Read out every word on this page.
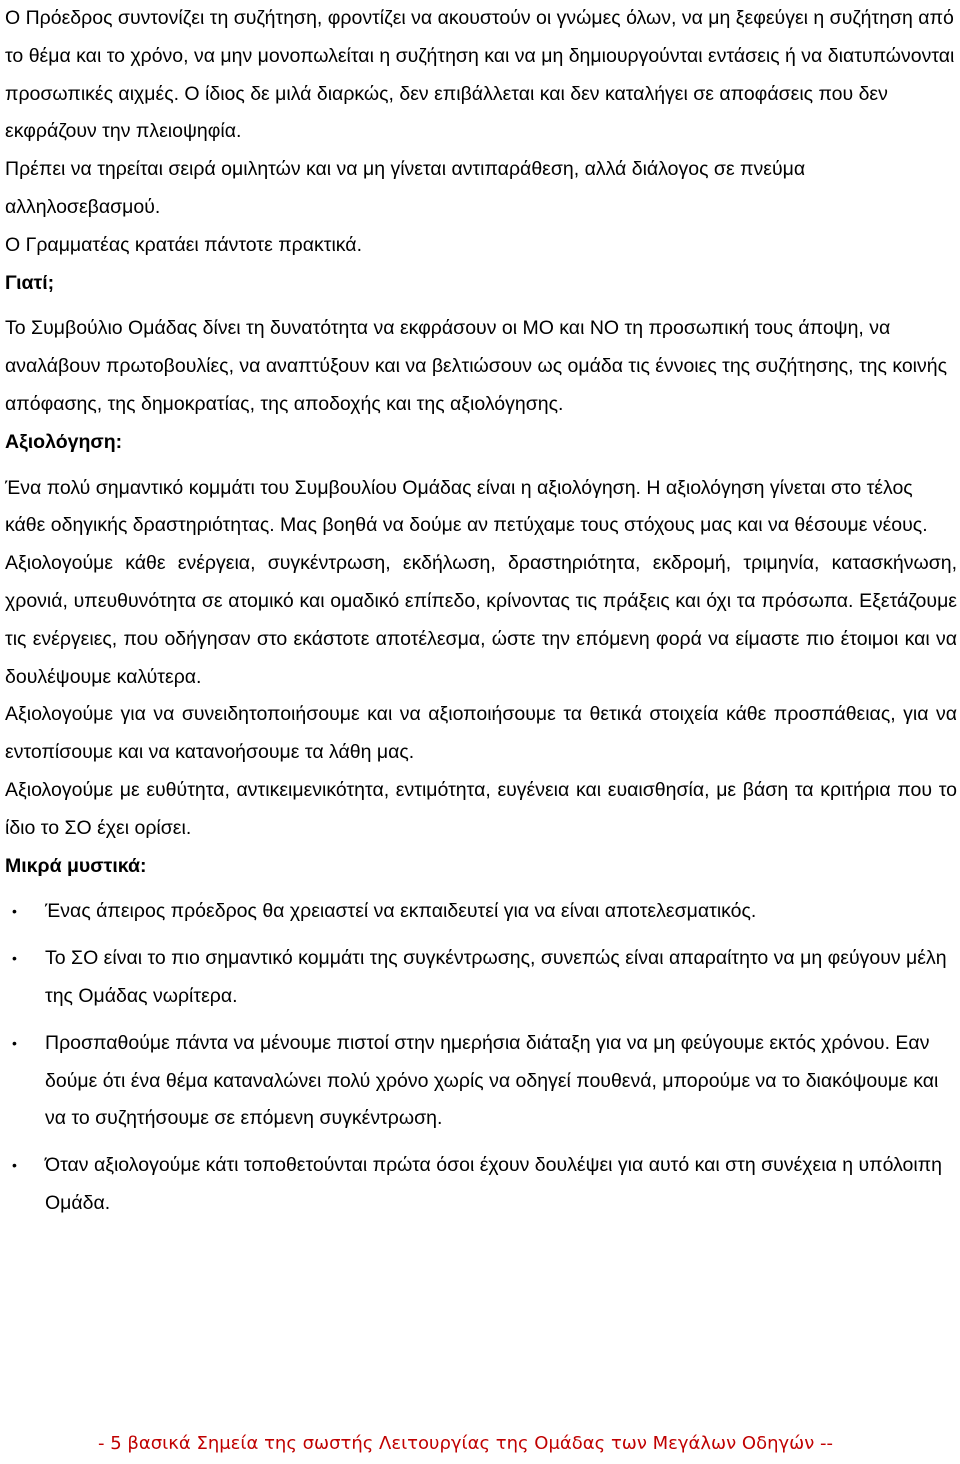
Ο Πρόεδρος συντονίζει τη συζήτηση, φροντίζει να ακουστούν οι γνώμες όλων, να μη ξεφεύγει η συζήτηση από το θέμα και το χρόνο, να μην μονοπωλείται η συζήτηση και να μη δημιουργούνται εντάσεις ή να διατυπώνονται προσωπικές αιχμές. Ο ίδιος δε μιλά διαρκώς, δεν επιβάλλεται και δεν καταλήγει σε αποφάσεις που δεν εκφράζουν την πλειοψηφία.

Πρέπει να τηρείται σειρά ομιλητών και να μη γίνεται αντιπαράθεση, αλλά διάλογος σε πνεύμα αλληλοσεβασμού.

Ο Γραμματέας κρατάει πάντοτε πρακτικά.

Γιατί;

Το Συμβούλιο Ομάδας δίνει τη δυνατότητα να εκφράσουν οι ΜΟ και ΝΟ τη προσωπική τους άποψη, να αναλάβουν πρωτοβουλίες, να αναπτύξουν και να βελτιώσουν ως ομάδα τις έννοιες της συζήτησης, της κοινής απόφασης, της δημοκρατίας, της αποδοχής και της αξιολόγησης.

Αξιολόγηση:

Ένα πολύ σημαντικό κομμάτι του Συμβουλίου Ομάδας είναι η αξιολόγηση. Η αξιολόγηση γίνεται στο τέλος κάθε οδηγικής δραστηριότητας. Μας βοηθά να δούμε αν πετύχαμε τους στόχους μας και να θέσουμε νέους.

Αξιολογούμε κάθε ενέργεια, συγκέντρωση, εκδήλωση, δραστηριότητα, εκδρομή, τριμηνία, κατασκήνωση, χρονιά, υπευθυνότητα σε ατομικό και ομαδικό επίπεδο, κρίνοντας τις πράξεις και όχι τα πρόσωπα. Εξετάζουμε τις ενέργειες, που οδήγησαν στο εκάστοτε αποτέλεσμα, ώστε την επόμενη φορά να είμαστε πιο έτοιμοι και να δουλέψουμε καλύτερα.

Αξιολογούμε για να συνειδητοποιήσουμε και να αξιοποιήσουμε τα θετικά στοιχεία κάθε προσπάθειας, για να εντοπίσουμε και να κατανοήσουμε τα λάθη μας.

Αξιολογούμε με ευθύτητα, αντικειμενικότητα, εντιμότητα, ευγένεια και ευαισθησία, με βάση τα κριτήρια που το ίδιο το ΣΟ έχει ορίσει.

Μικρά μυστικά:

• Ένας άπειρος πρόεδρος θα χρειαστεί να εκπαιδευτεί για να είναι αποτελεσματικός.
• Το ΣΟ είναι το πιο σημαντικό κομμάτι της συγκέντρωσης, συνεπώς είναι απαραίτητο να μη φεύγουν μέλη της Ομάδας νωρίτερα.
• Προσπαθούμε πάντα να μένουμε πιστοί στην ημερήσια διάταξη για να μη φεύγουμε εκτός χρόνου. Εαν δούμε ότι ένα θέμα καταναλώνει πολύ χρόνο χωρίς να οδηγεί πουθενά, μπορούμε να το διακόψουμε και να το συζητήσουμε σε επόμενη συγκέντρωση.
• Όταν αξιολογούμε κάτι τοποθετούνται πρώτα όσοι έχουν δουλέψει για αυτό και στη συνέχεια η υπόλοιπη Ομάδα.
- 5 βασικά Σημεία της σωστής Λειτουργίας της Ομάδας των Μεγάλων Οδηγών --
